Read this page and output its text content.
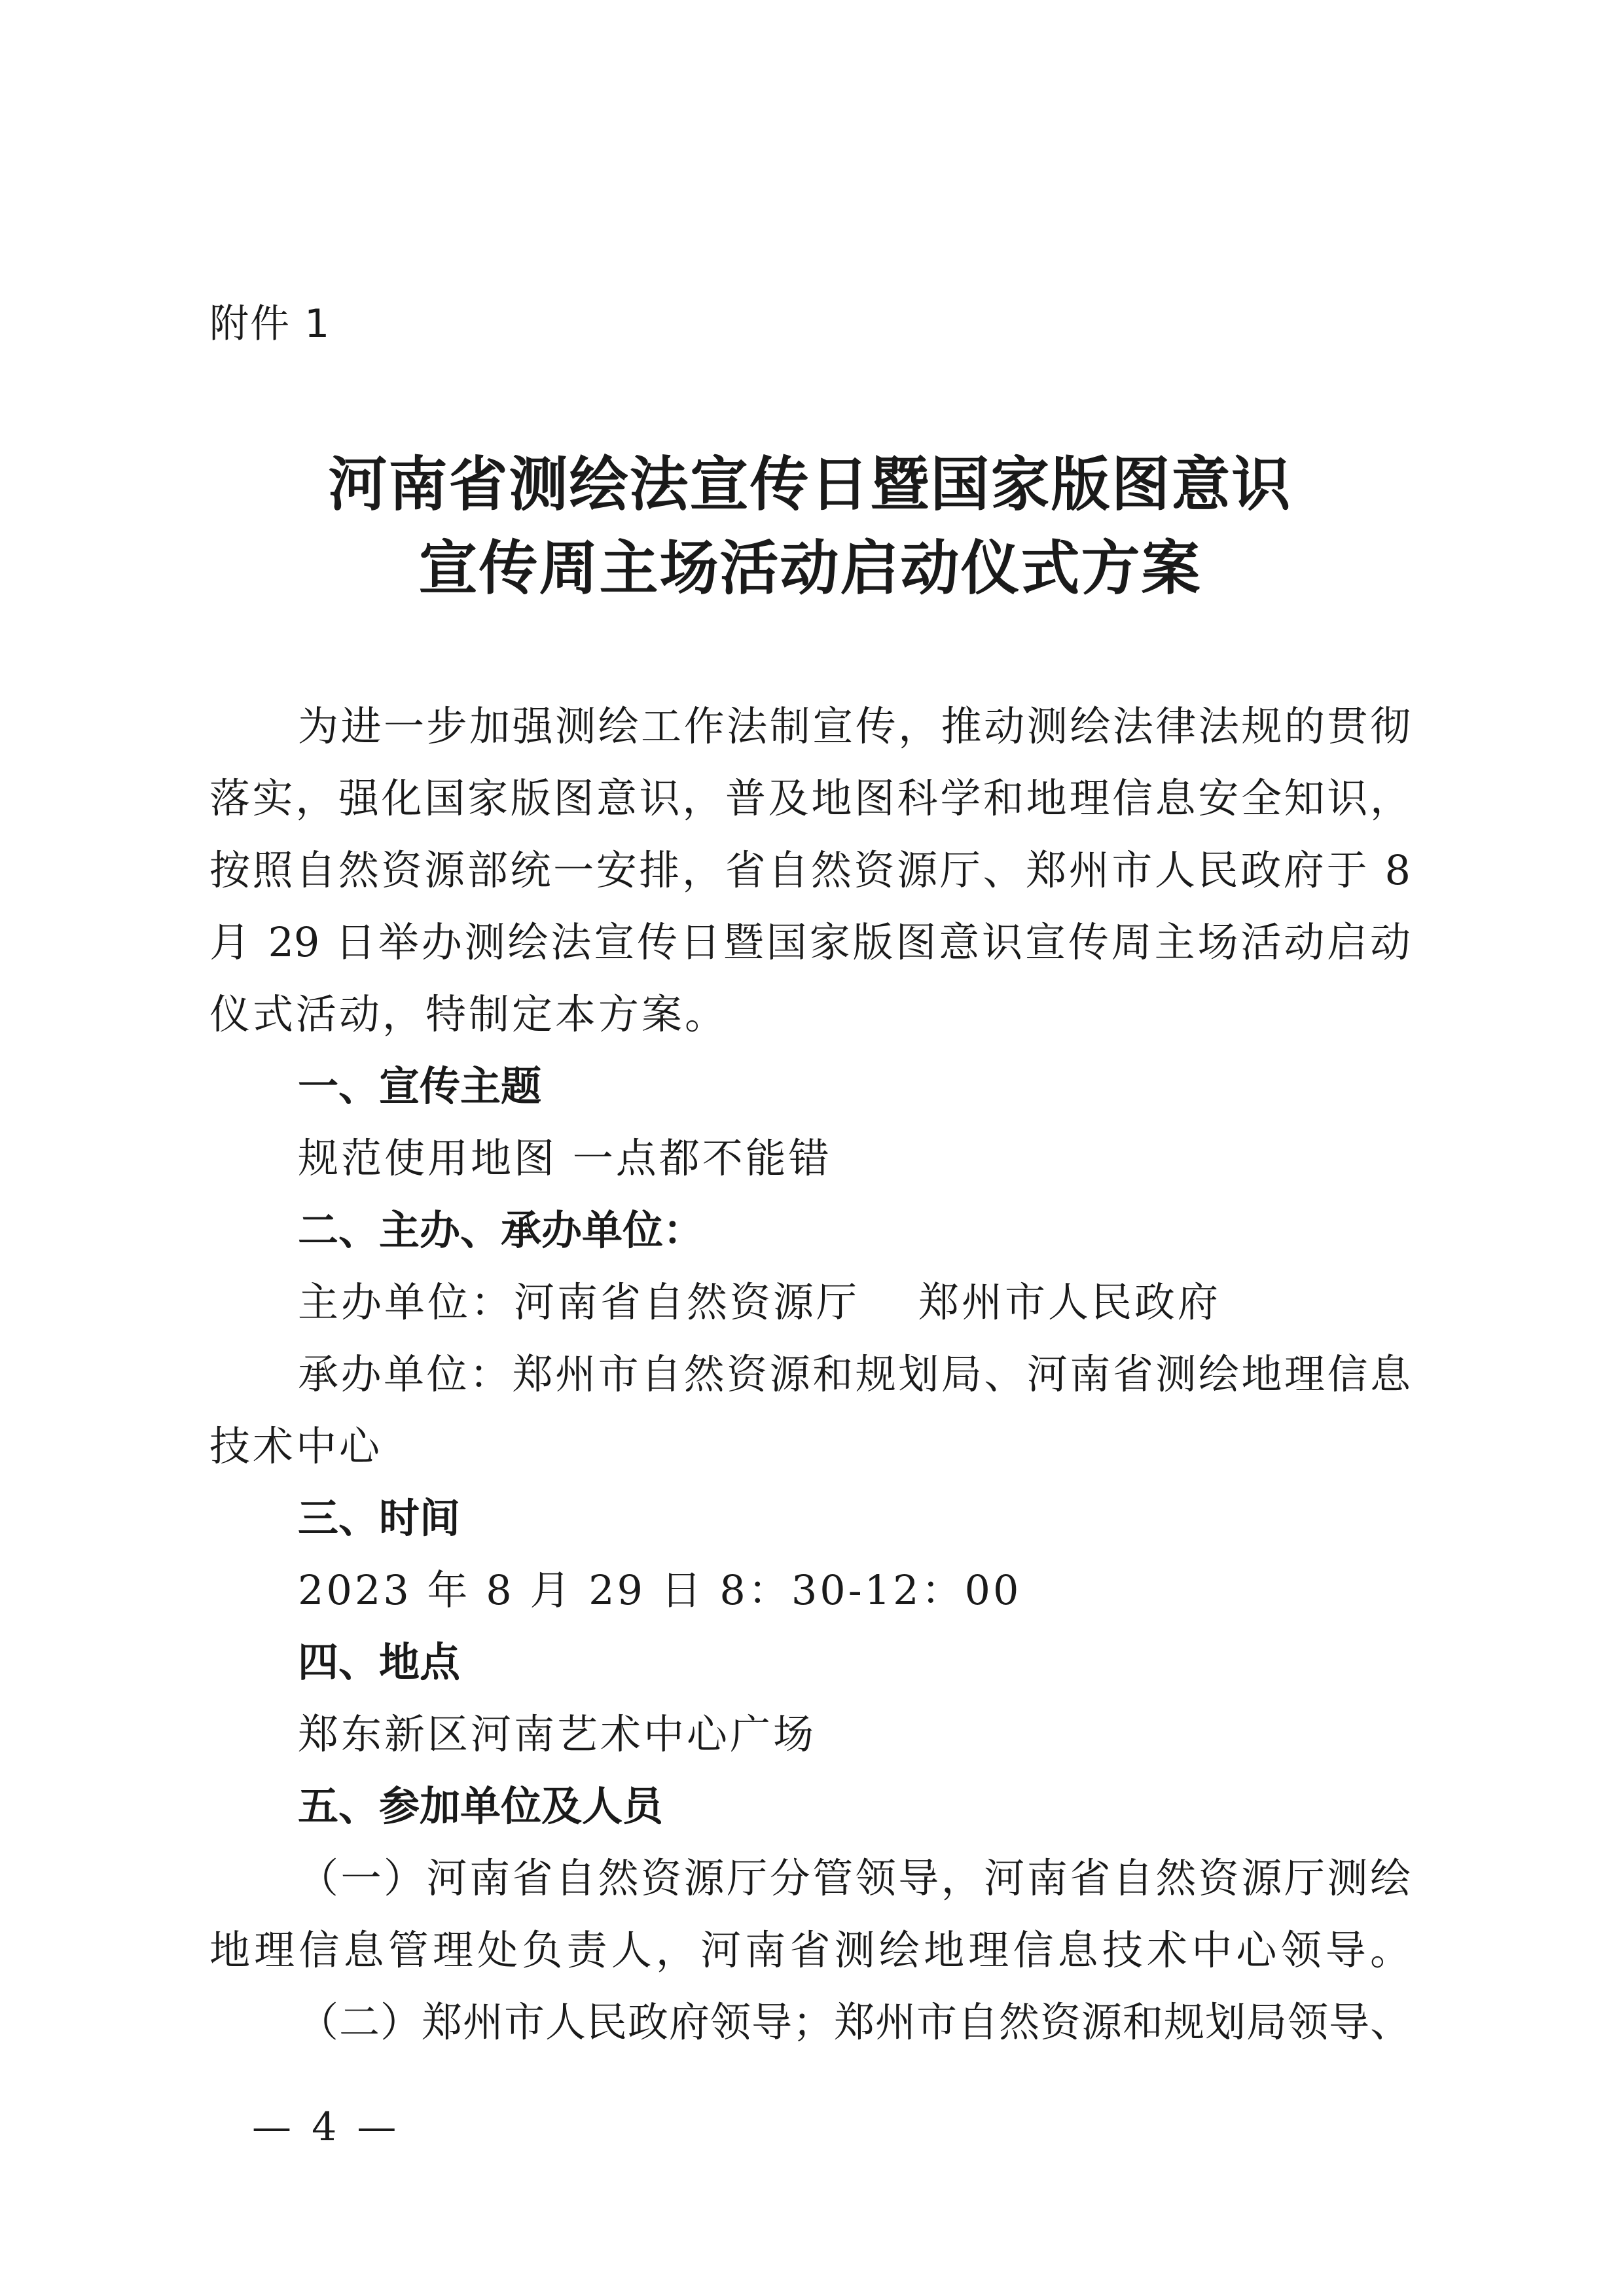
附件 1
河南省测绘法宣传日暨国家版图意识
宣传周主场活动启动仪式方案
为进一步加强测绘工作法制宣传，推动测绘法律法规的贯彻
落实，强化国家版图意识，普及地图科学和地理信息安全知识，
按照自然资源部统一安排，省自然资源厅、郑州市人民政府于 8
月 29 日举办测绘法宣传日暨国家版图意识宣传周主场活动启动
仪式活动，特制定本方案。
一、宣传主题
规范使用地图 一点都不能错
二、主办、承办单位：
主办单位：河南省自然资源厅 郑州市人民政府
承办单位：郑州市自然资源和规划局、河南省测绘地理信息
技术中心
三、时间
2023 年 8 月 29 日 8：30-12：00
四、地点
郑东新区河南艺术中心广场
五、参加单位及人员
（一）河南省自然资源厅分管领导，河南省自然资源厅测绘
地理信息管理处负责人，河南省测绘地理信息技术中心领导。
（二）郑州市人民政府领导；郑州市自然资源和规划局领导、
— 4 —
